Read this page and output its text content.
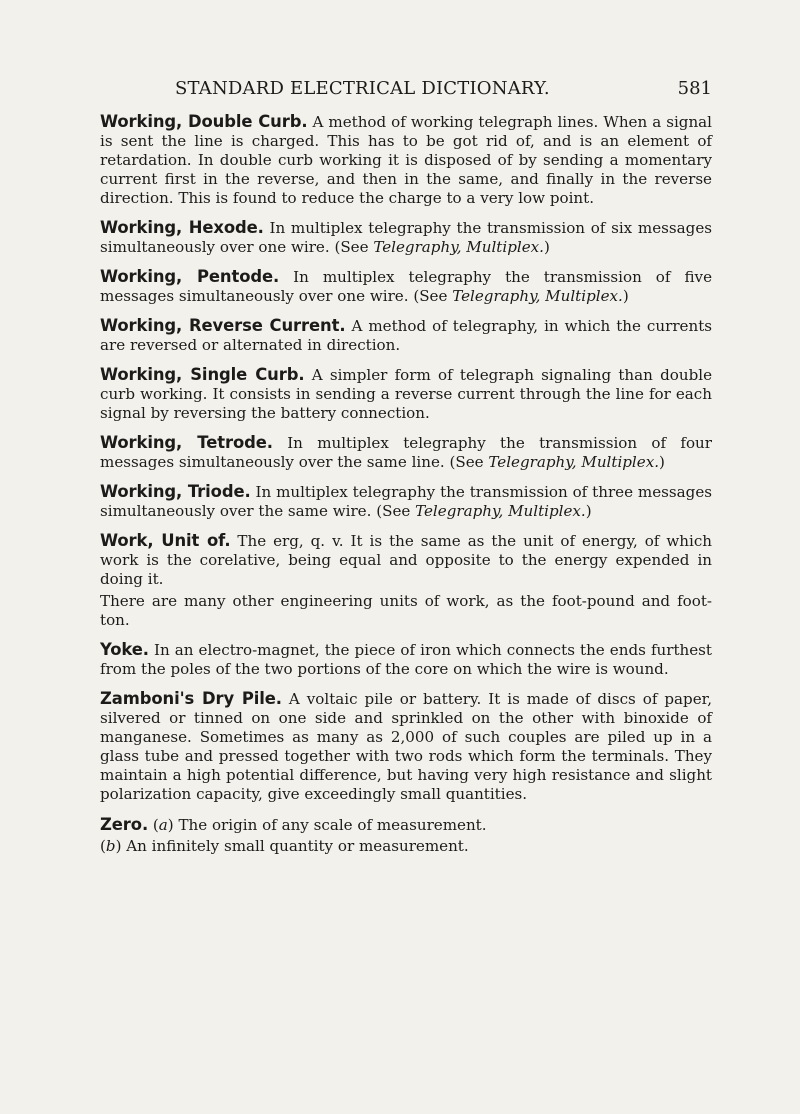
STANDARD ELECTRICAL DICTIONARY.	581

Working, Double Curb. A method of working telegraph lines. When a signal is sent the line is charged. This has to be got rid of, and is an element of retardation. In double curb working it is disposed of by sending a momentary current first in the reverse, and then in the same, and finally in the reverse direction. This is found to reduce the charge to a very low point.

Working, Hexode. In multiplex telegraphy the transmission of six messages simultaneously over one wire. (See Telegraphy, Multiplex.)

Working, Pentode. In multiplex telegraphy the transmission of five messages simultaneously over one wire. (See Telegraphy, Multiplex.)

Working, Reverse Current. A method of telegraphy, in which the currents are reversed or alternated in direction.

Working, Single Curb. A simpler form of telegraph signaling than double curb working. It consists in sending a reverse current through the line for each signal by reversing the battery connection.

Working, Tetrode. In multiplex telegraphy the transmission of four messages simultaneously over the same line. (See Telegraphy, Multiplex.)

Working, Triode. In multiplex telegraphy the transmission of three messages simultaneously over the same wire. (See Telegraphy, Multiplex.)

Work, Unit of. The erg, q. v. It is the same as the unit of energy, of which work is the corelative, being equal and opposite to the energy expended in doing it.

There are many other engineering units of work, as the foot-pound and foot-ton.

Yoke. In an electro-magnet, the piece of iron which connects the ends furthest from the poles of the two portions of the core on which the wire is wound.

Zamboni's Dry Pile. A voltaic pile or battery. It is made of discs of paper, silvered or tinned on one side and sprinkled on the other with binoxide of manganese. Sometimes as many as 2,000 of such couples are piled up in a glass tube and pressed together with two rods which form the terminals. They maintain a high potential difference, but having very high resistance and slight polarization capacity, give exceedingly small quantities.

Zero. (a) The origin of any scale of measurement.

(b) An infinitely small quantity or measurement.
